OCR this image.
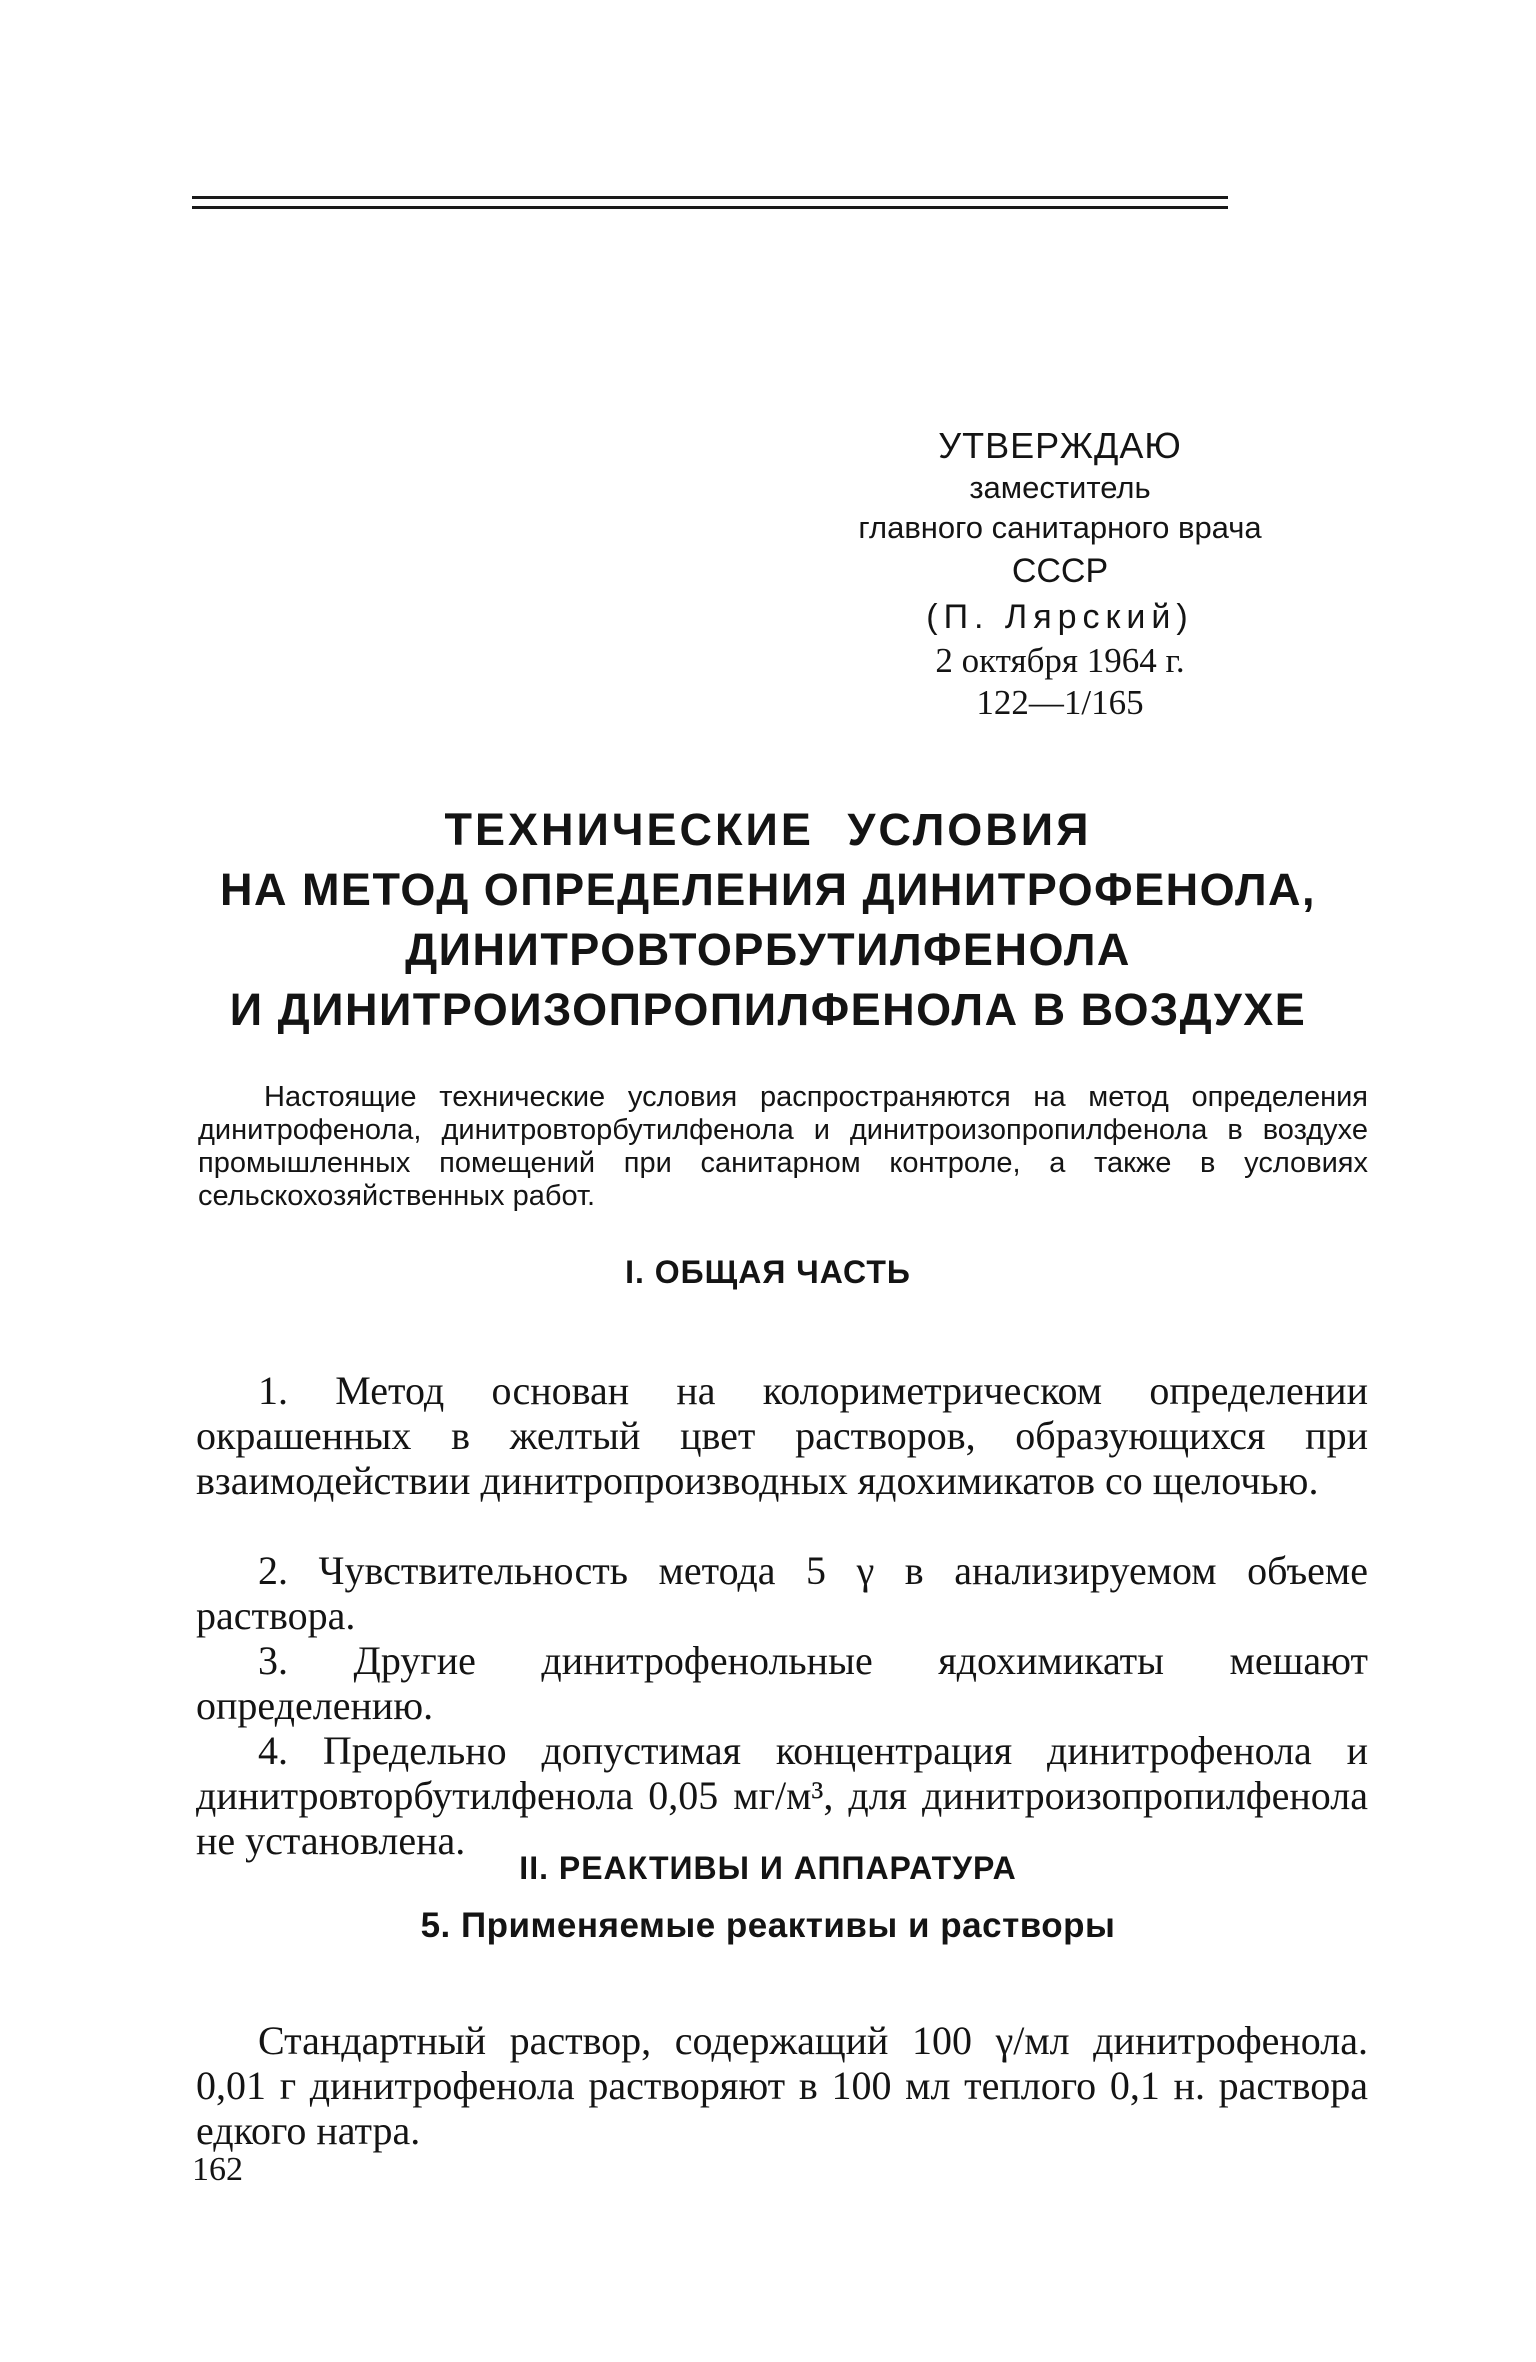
УТВЕРЖДАЮ
заместитель
главного санитарного врача
СССР
(П. Лярский)
2 октября 1964 г.
122—1/165
ТЕХНИЧЕСКИЕ УСЛОВИЯ
НА МЕТОД ОПРЕДЕЛЕНИЯ ДИНИТРОФЕНОЛА,
ДИНИТРОВТОРБУТИЛФЕНОЛА
И ДИНИТРОИЗОПРОПИЛФЕНОЛА В ВОЗДУХЕ

Настоящие технические условия распространяются на метод определения динитрофенола, динитровторбутилфенола и динитроизопропилфенола в воздухе промышленных помещений при санитарном контроле, а также в условиях сельскохозяйственных работ.

I. ОБЩАЯ ЧАСТЬ

1. Метод основан на колориметрическом определении окрашенных в желтый цвет растворов, образующихся при взаимодействии динитропроизводных ядохимикатов со щелочью.

2. Чувствительность метода 5 γ в анализируемом объеме раствора.

3. Другие динитрофенольные ядохимикаты мешают определению.

4. Предельно допустимая концентрация динитрофенола и динитровторбутилфенола 0,05 мг/м³, для динитроизопропилфенола не установлена.

II. РЕАКТИВЫ И АППАРАТУРА
5. Применяемые реактивы и растворы

Стандартный раствор, содержащий 100 γ/мл динитрофенола. 0,01 г динитрофенола растворяют в 100 мл теплого 0,1 н. раствора едкого натра.

162
